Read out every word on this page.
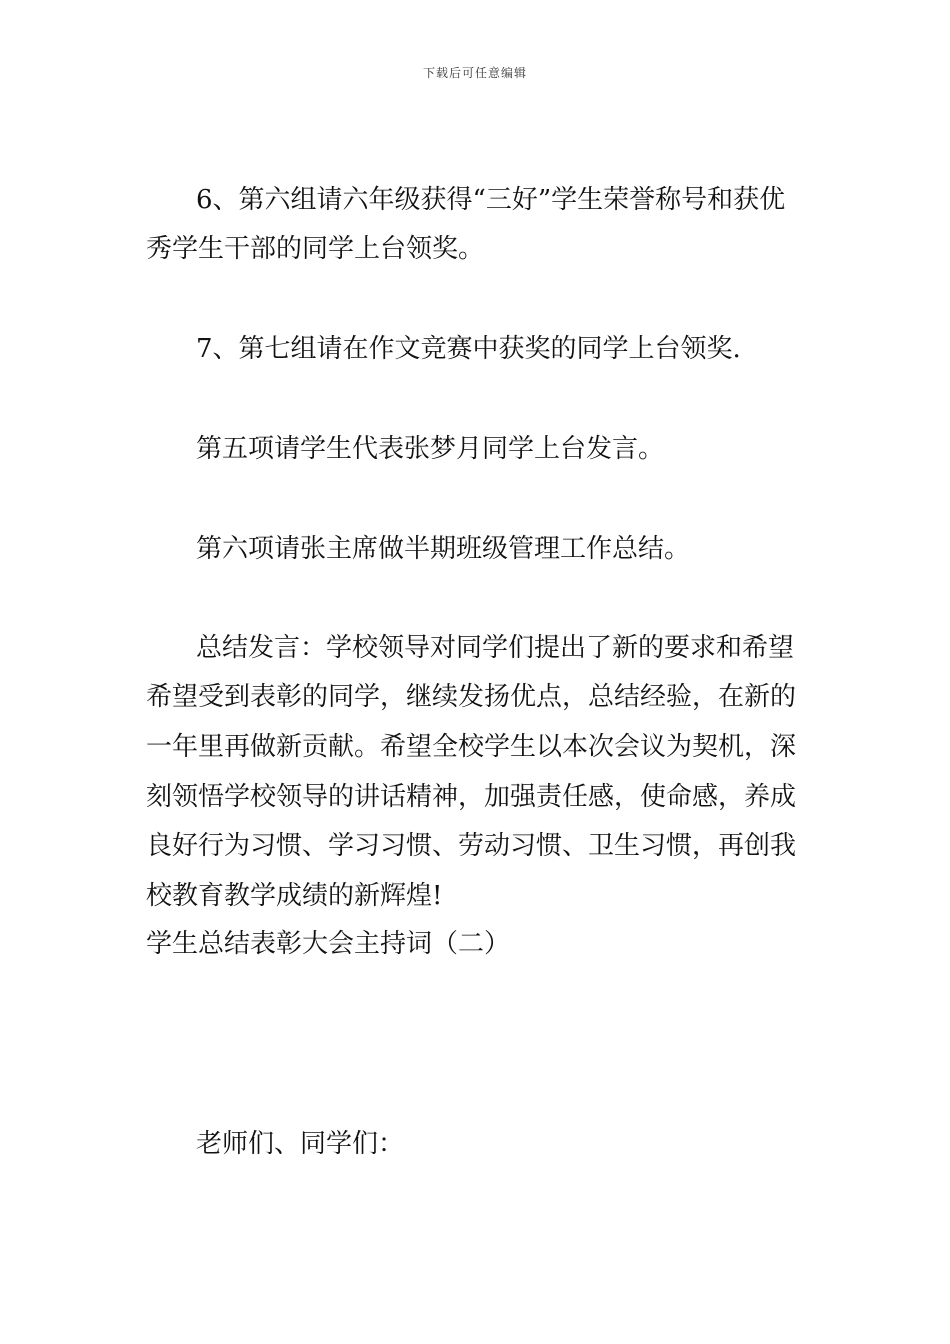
下载后可任意编辑
6、第六组请六年级获得“三好”学生荣誉称号和获优
秀学生干部的同学上台领奖。
7、第七组请在作文竞赛中获奖的同学上台领奖.
第五项请学生代表张梦月同学上台发言。
第六项请张主席做半期班级管理工作总结。
总结发言：学校领导对同学们提出了新的要求和希望
希望受到表彰的同学，继续发扬优点，总结经验，在新的
一年里再做新贡献。希望全校学生以本次会议为契机，深
刻领悟学校领导的讲话精神，加强责任感，使命感，养成
良好行为习惯、学习习惯、劳动习惯、卫生习惯，再创我
校教育教学成绩的新辉煌!
学生总结表彰大会主持词（二）
老师们、同学们：
